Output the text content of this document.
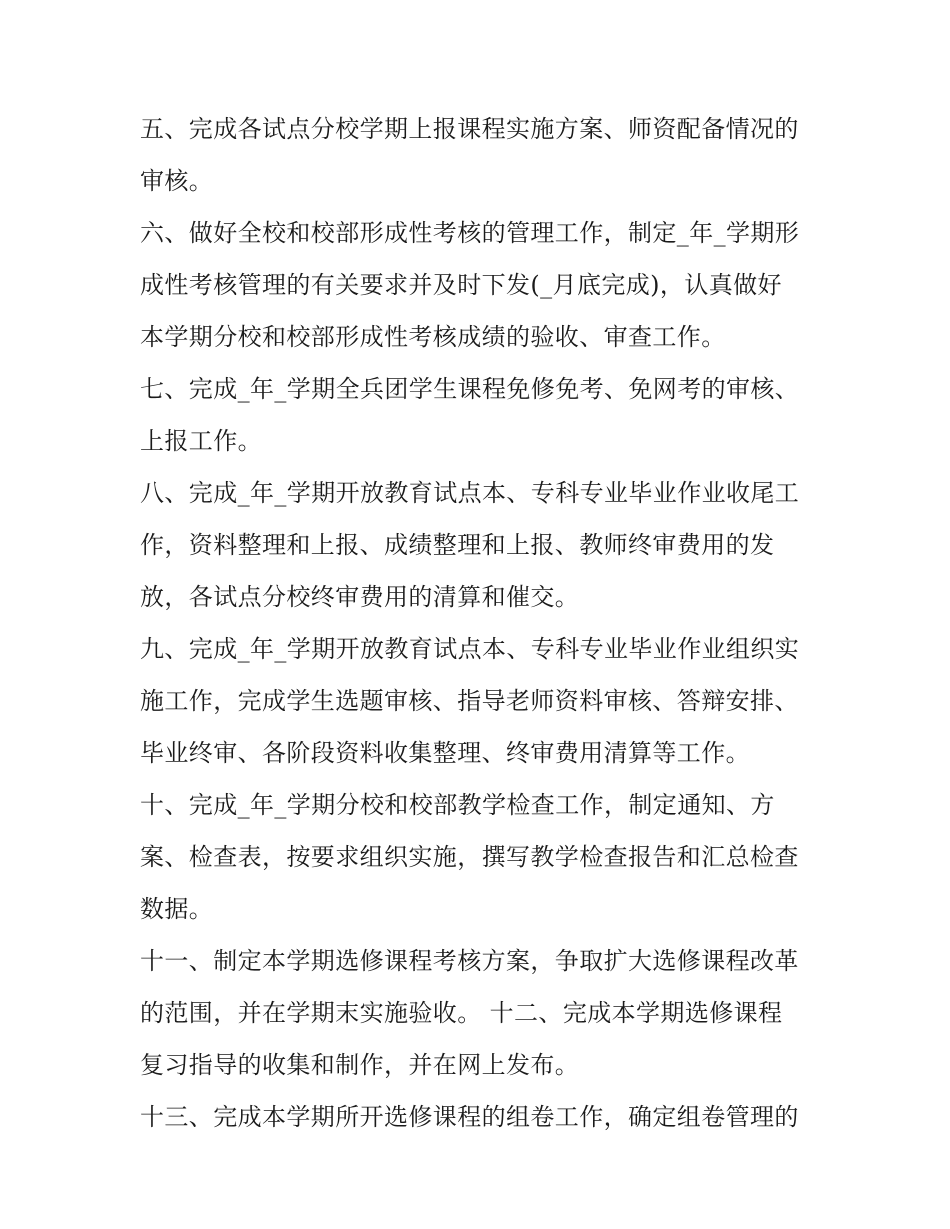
五、完成各试点分校学期上报课程实施方案、师资配备情况的
审核。
六、做好全校和校部形成性考核的管理工作，制定_年_学期形
成性考核管理的有关要求并及时下发(_月底完成)，认真做好
本学期分校和校部形成性考核成绩的验收、审查工作。
七、完成_年_学期全兵团学生课程免修免考、免网考的审核、
上报工作。
八、完成_年_学期开放教育试点本、专科专业毕业作业收尾工
作，资料整理和上报、成绩整理和上报、教师终审费用的发
放，各试点分校终审费用的清算和催交。
九、完成_年_学期开放教育试点本、专科专业毕业作业组织实
施工作，完成学生选题审核、指导老师资料审核、答辩安排、
毕业终审、各阶段资料收集整理、终审费用清算等工作。
十、完成_年_学期分校和校部教学检查工作，制定通知、方
案、检查表，按要求组织实施，撰写教学检查报告和汇总检查
数据。
十一、制定本学期选修课程考核方案，争取扩大选修课程改革
的范围，并在学期末实施验收。 十二、完成本学期选修课程
复习指导的收集和制作，并在网上发布。
十三、完成本学期所开选修课程的组卷工作，确定组卷管理的
